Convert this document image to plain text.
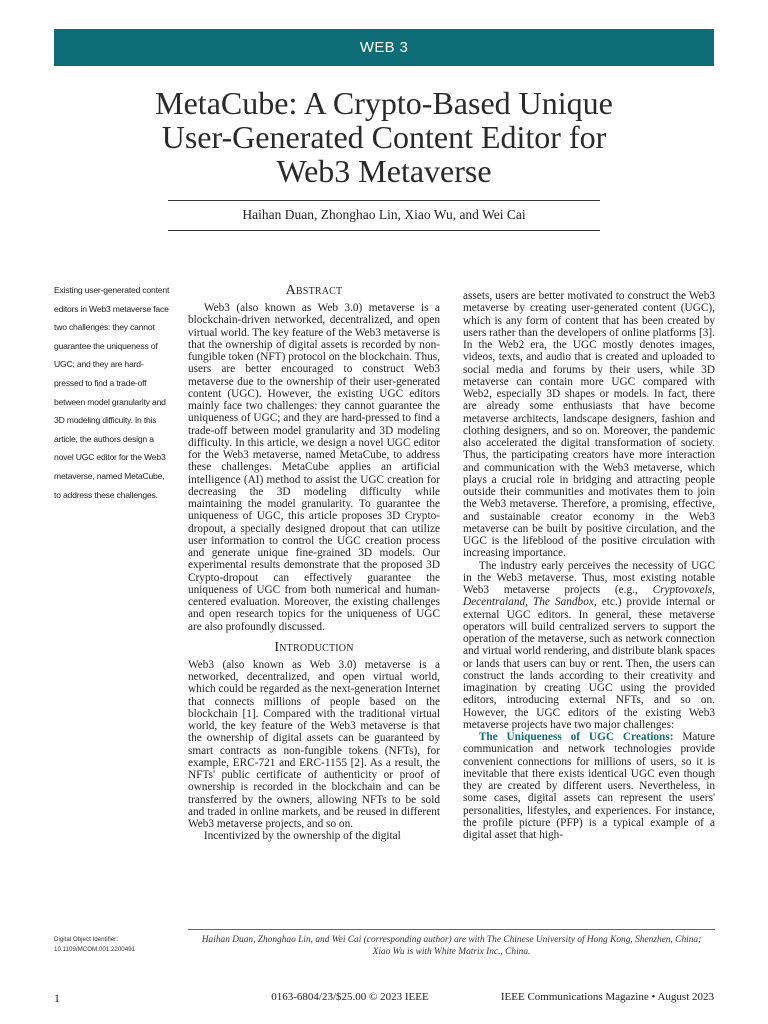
WEB 3
MetaCube: A Crypto-Based Unique
User-Generated Content Editor for
Web3 Metaverse
Haihan Duan, Zhonghao Lin, Xiao Wu, and Wei Cai
Existing user-generated content editors in Web3 metaverse face two challenges: they cannot guarantee the uniqueness of UGC; and they are hard-pressed to find a trade-off between model granularity and 3D modeling difficulty. In this article, the authors design a novel UGC editor for the Web3 metaverse, named MetaCube, to address these challenges.
Abstract

Web3 (also known as Web 3.0) metaverse is a blockchain-driven networked, decentralized, and open virtual world. The key feature of the Web3 metaverse is that the ownership of digital assets is recorded by non-fungible token (NFT) protocol on the blockchain. Thus, users are better encouraged to construct Web3 metaverse due to the ownership of their user-generated content (UGC). However, the existing UGC editors mainly face two challenges: they cannot guarantee the uniqueness of UGC; and they are hard-pressed to find a trade-off between model granularity and 3D modeling difficulty. In this article, we design a novel UGC editor for the Web3 metaverse, named MetaCube, to address these challenges. MetaCube applies an artificial intelligence (AI) method to assist the UGC creation for decreasing the 3D modeling difficulty while maintaining the model granularity. To guarantee the uniqueness of UGC, this article proposes 3D Crypto-dropout, a specially designed dropout that can utilize user information to control the UGC creation process and generate unique fine-grained 3D models. Our experimental results demonstrate that the proposed 3D Crypto-dropout can effectively guarantee the uniqueness of UGC from both numerical and human-centered evaluation. Moreover, the existing challenges and open research topics for the uniqueness of UGC are also profoundly discussed.

Introduction

Web3 (also known as Web 3.0) metaverse is a networked, decentralized, and open virtual world, which could be regarded as the next-generation Internet that connects millions of people based on the blockchain [1]. Compared with the traditional virtual world, the key feature of the Web3 metaverse is that the ownership of digital assets can be guaranteed by smart contracts as non-fungible tokens (NFTs), for example, ERC-721 and ERC-1155 [2]. As a result, the NFTs' public certificate of authenticity or proof of ownership is recorded in the blockchain and can be transferred by the owners, allowing NFTs to be sold and traded in online markets, and be reused in different Web3 metaverse projects, and so on.

Incentivized by the ownership of the digital

assets, users are better motivated to construct the Web3 metaverse by creating user-generated content (UGC), which is any form of content that has been created by users rather than the developers of online platforms [3]. In the Web2 era, the UGC mostly denotes images, videos, texts, and audio that is created and uploaded to social media and forums by their users, while 3D metaverse can contain more UGC compared with Web2, especially 3D shapes or models. In fact, there are already some enthusiasts that have become metaverse architects, landscape designers, fashion and clothing designers, and so on. Moreover, the pandemic also accelerated the digital transformation of society. Thus, the participating creators have more interaction and communication with the Web3 metaverse, which plays a crucial role in bridging and attracting people outside their communities and motivates them to join the Web3 metaverse. Therefore, a promising, effective, and sustainable creator economy in the Web3 metaverse can be built by positive circulation, and the UGC is the lifeblood of the positive circulation with increasing importance.

The industry early perceives the necessity of UGC in the Web3 metaverse. Thus, most existing notable Web3 metaverse projects (e.g., Cryptovoxels, Decentraland, The Sandbox, etc.) provide internal or external UGC editors. In general, these metaverse operators will build centralized servers to support the operation of the metaverse, such as network connection and virtual world rendering, and distribute blank spaces or lands that users can buy or rent. Then, the users can construct the lands according to their creativity and imagination by creating UGC using the provided editors, introducing external NFTs, and so on. However, the UGC editors of the existing Web3 metaverse projects have two major challenges:

The Uniqueness of UGC Creations: Mature communication and network technologies provide convenient connections for millions of users, so it is inevitable that there exists identical UGC even though they are created by different users. Nevertheless, in some cases, digital assets can represent the users' personalities, lifestyles, and experiences. For instance, the profile picture (PFP) is a typical example of a digital asset that high-

Digital Object Identifier:
10.1109/MCOM.001.2200491
Haihan Duan, Zhonghao Lin, and Wei Cai (corresponding author) are with The Chinese University of Hong Kong, Shenzhen, China;
Xiao Wu is with White Matrix Inc., China.
1	0163-6804/23/$25.00 © 2023 IEEE	IEEE Communications Magazine • August 2023
